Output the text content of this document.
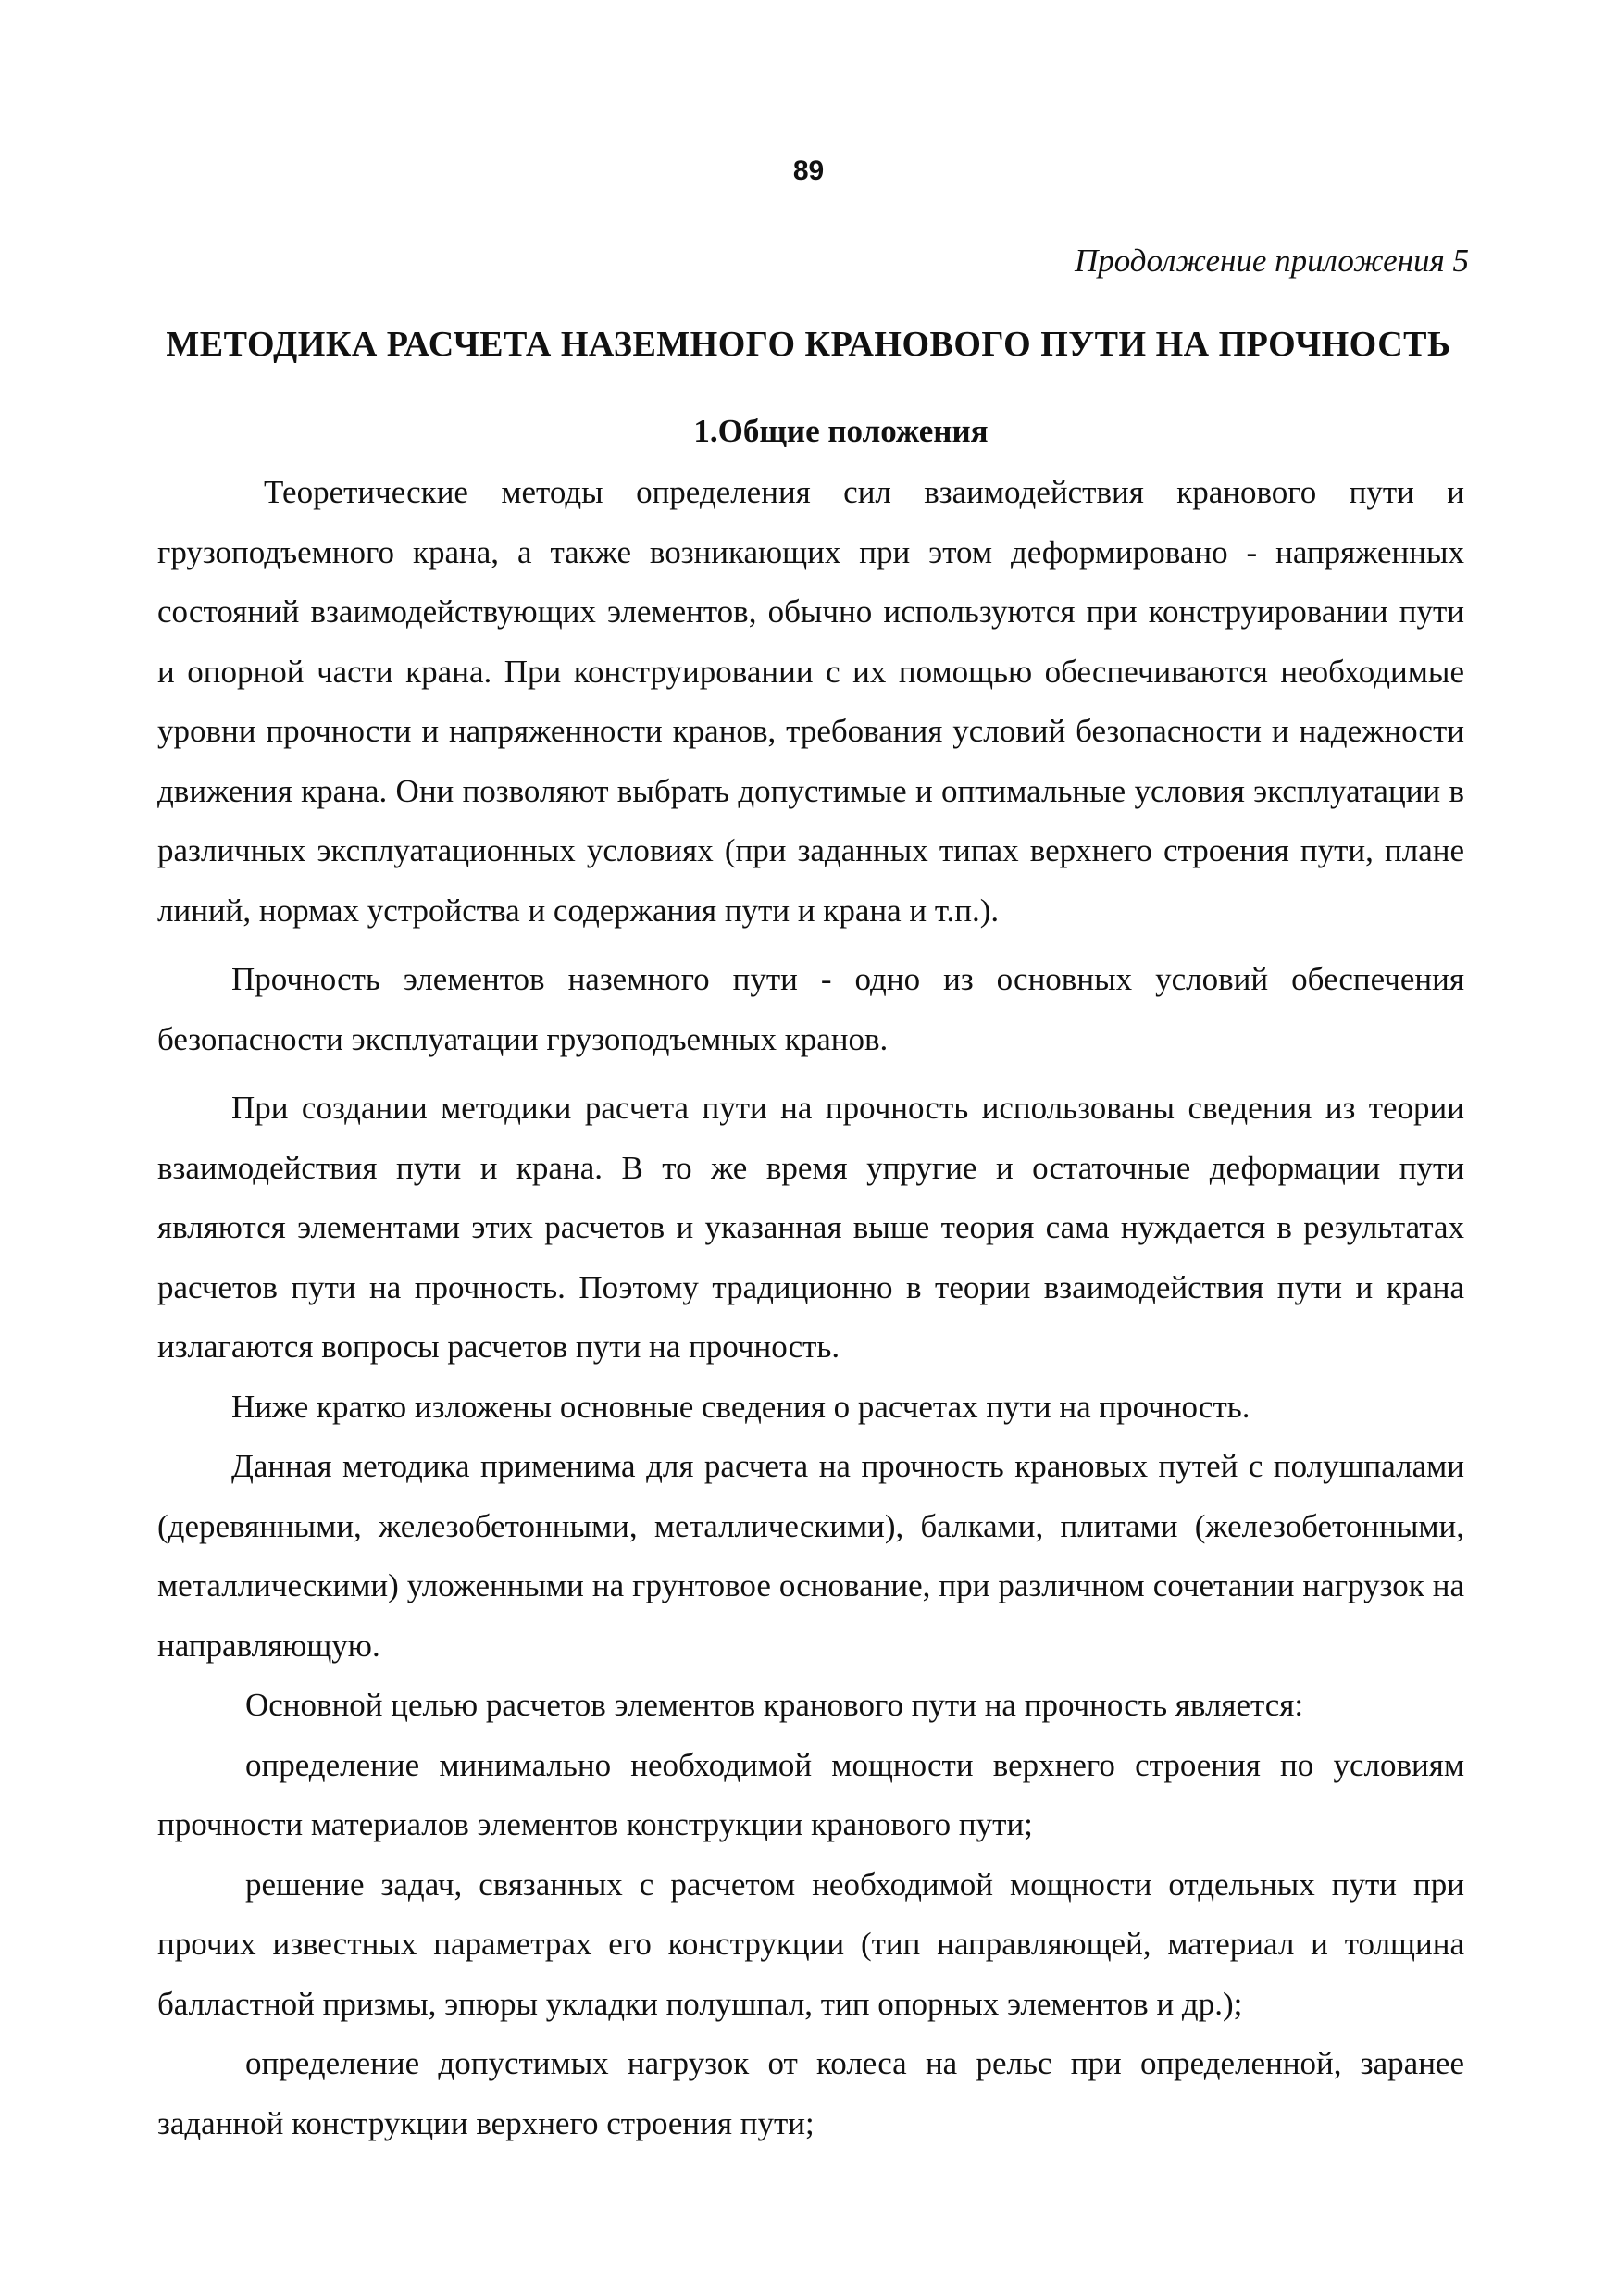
89
Продолжение приложения 5
МЕТОДИКА РАСЧЕТА НАЗЕМНОГО КРАНОВОГО ПУТИ НА ПРОЧНОСТЬ
1.Общие положения

Теоретические методы определения сил взаимодействия кранового пути и грузоподъемного крана, а также возникающих при этом деформировано - напряженных состояний взаимодействующих элементов, обычно используются при конструировании пути и опорной части крана. При конструировании с их помощью обеспечиваются необходимые уровни прочности и напряженности кранов, требования условий безопасности и надежности движения крана. Они позволяют выбрать допустимые и оптимальные условия эксплуатации в различных эксплуатационных условиях (при заданных типах верхнего строения пути, плане линий, нормах устройства и содержания пути и крана и т.п.).

Прочность элементов наземного пути - одно из основных условий обеспечения безопасности эксплуатации грузоподъемных кранов.

При создании методики расчета пути на прочность использованы сведения из теории взаимодействия пути и крана. В то же время упругие и остаточные деформации пути являются элементами этих расчетов и указанная выше теория сама нуждается в результатах расчетов пути на прочность. Поэтому традиционно в теории взаимодействия пути и крана излагаются вопросы расчетов пути на прочность.

Ниже кратко изложены основные сведения о расчетах пути на прочность.

Данная методика применима для расчета на прочность крановых путей с полушпалами (деревянными, железобетонными, металлическими), балками, плитами (железобетонными, металлическими) уложенными на грунтовое основание, при различном сочетании нагрузок на направляющую.

Основной целью расчетов элементов кранового пути на прочность является:

определение минимально необходимой мощности верхнего строения по условиям прочности материалов элементов конструкции кранового пути;

решение задач, связанных с расчетом необходимой мощности отдельных пути при прочих известных параметрах его конструкции (тип направляющей, материал и толщина балластной призмы, эпюры укладки полушпал, тип опорных элементов и др.);

определение допустимых нагрузок от колеса на рельс при определенной, заранее заданной конструкции верхнего строения пути;
